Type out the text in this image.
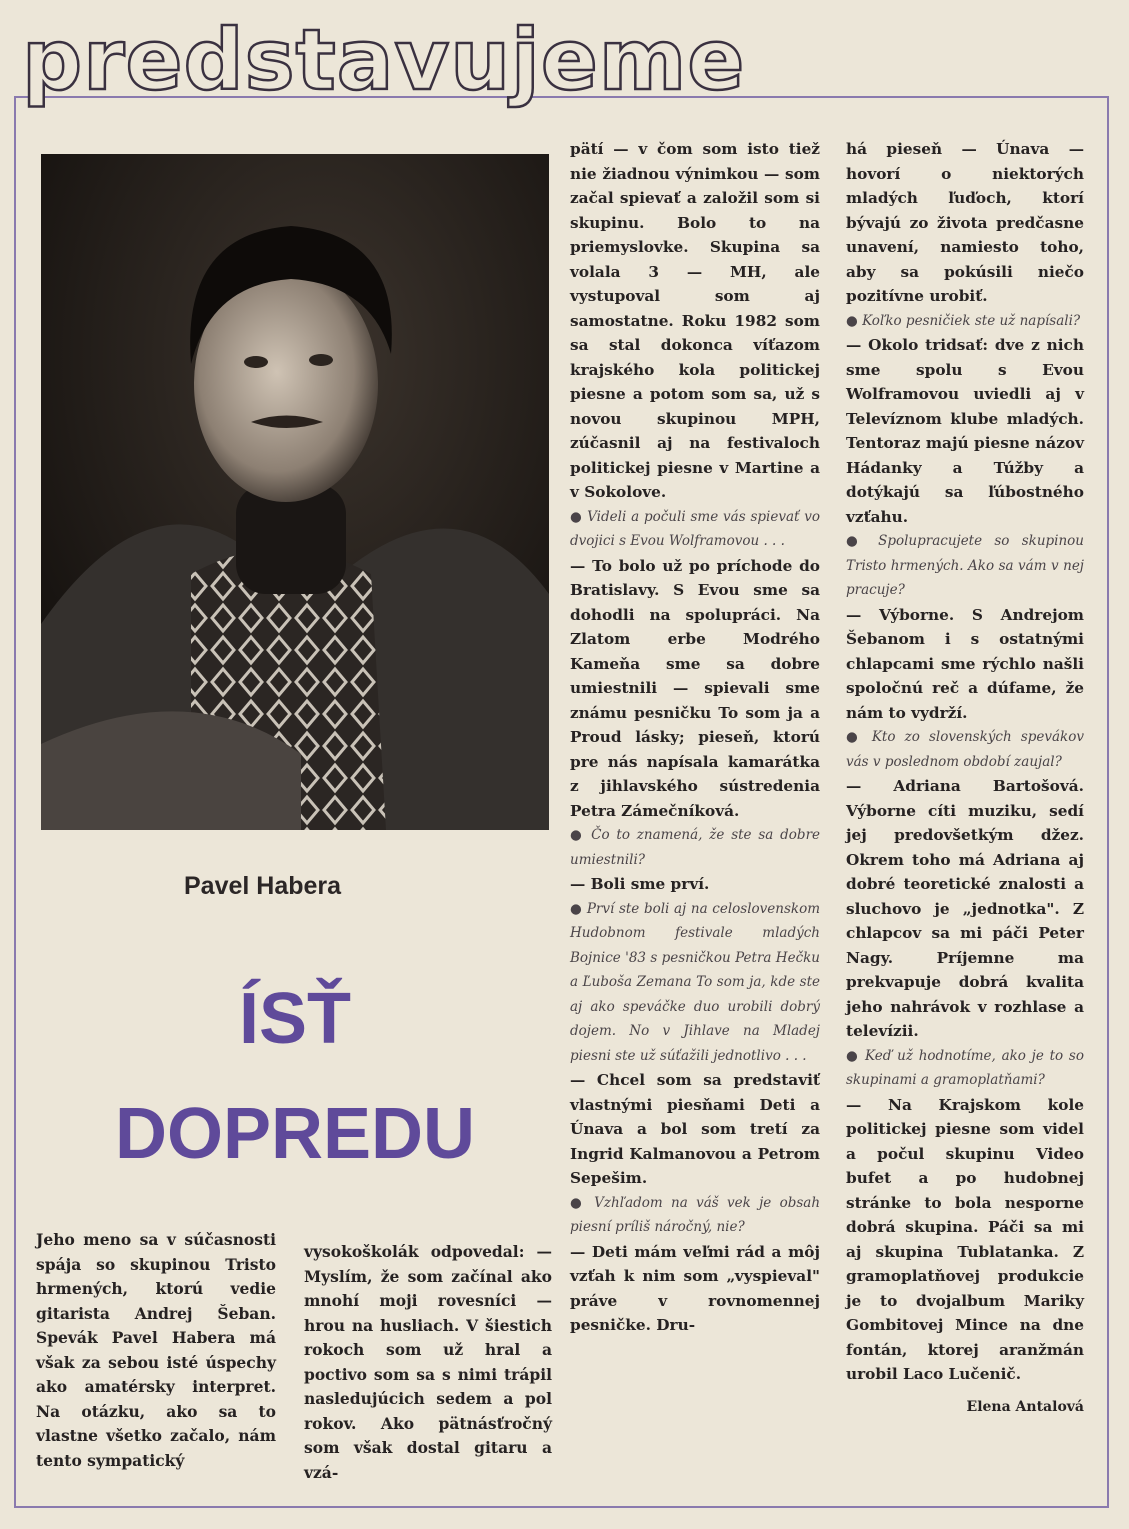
predstavujeme
Pavel Habera
ÍSŤ
DOPREDU

Jeho meno sa v súčasnosti spája so skupinou Tristo hrmených, ktorú vedie gitarista Andrej Šeban. Spevák Pavel Habera má však za sebou isté úspechy ako amatérsky interpret. Na otázku, ako sa to vlastne všetko začalo, nám tento sympatický

vysokoškolák odpovedal: — Myslím, že som začínal ako mnohí moji rovesníci — hrou na husliach. V šiestich rokoch som už hral a poctivo som sa s nimi trápil nasledujúcich sedem a pol rokov. Ako pätnásťročný som však dostal gitaru a vzá-

pätí — v čom som isto tiež nie žiadnou výnimkou — som začal spievať a založil som si skupinu. Bolo to na priemyslovke. Skupina sa volala 3 — MH, ale vystupoval som aj samostatne. Roku 1982 som sa stal dokonca víťazom krajského kola politickej piesne a potom som sa, už s novou skupinou MPH, zúčasnil aj na festivaloch politickej piesne v Martine a v Sokolove.

● Videli a počuli sme vás spievať vo dvojici s Evou Wolframovou . . .

— To bolo už po príchode do Bratislavy. S Evou sme sa dohodli na spolupráci. Na Zlatom erbe Modrého Kameňa sme sa dobre umiestnili — spievali sme známu pesničku To som ja a Proud lásky; pieseň, ktorú pre nás napísala kamarátka z jihlavského sústredenia Petra Zámečníková.

● Čo to znamená, že ste sa dobre umiestnili?

— Boli sme prví.

● Prví ste boli aj na celoslovenskom Hudobnom festivale mladých Bojnice '83 s pesničkou Petra Hečku a Ľuboša Zemana To som ja, kde ste aj ako speváčke duo urobili dobrý dojem. No v Jihlave na Mladej piesni ste už súťažili jednotlivo . . .

— Chcel som sa predstaviť vlastnými piesňami Deti a Únava a bol som tretí za Ingrid Kalmanovou a Petrom Sepešim.

● Vzhľadom na váš vek je obsah piesní príliš náročný, nie?

— Deti mám veľmi rád a môj vzťah k nim som „vyspieval" práve v rovnomennej pesničke. Dru-

há pieseň — Únava — hovorí o niektorých mladých ľuďoch, ktorí bývajú zo života predčasne unavení, namiesto toho, aby sa pokúsili niečo pozitívne urobiť.

● Koľko pesničiek ste už napísali?

— Okolo tridsať: dve z nich sme spolu s Evou Wolframovou uviedli aj v Televíznom klube mladých. Tentoraz majú piesne názov Hádanky a Túžby a dotýkajú sa ľúbostného vzťahu.

● Spolupracujete so skupinou Tristo hrmených. Ako sa vám v nej pracuje?

— Výborne. S Andrejom Šebanom i s ostatnými chlapcami sme rýchlo našli spoločnú reč a dúfame, že nám to vydrží.

● Kto zo slovenských spevákov vás v poslednom období zaujal?

— Adriana Bartošová. Výborne cíti muziku, sedí jej predovšetkým džez. Okrem toho má Adriana aj dobré teoretické znalosti a sluchovo je „jednotka". Z chlapcov sa mi páči Peter Nagy. Príjemne ma prekvapuje dobrá kvalita jeho nahrávok v rozhlase a televízii.

● Keď už hodnotíme, ako je to so skupinami a gramoplatňami?

— Na Krajskom kole politickej piesne som videl a počul skupinu Video bufet a po hudobnej stránke to bola nesporne dobrá skupina. Páči sa mi aj skupina Tublatanka. Z gramoplatňovej produkcie je to dvojalbum Mariky Gombitovej Mince na dne fontán, ktorej aranžmán urobil Laco Lučenič.

Elena Antalová
